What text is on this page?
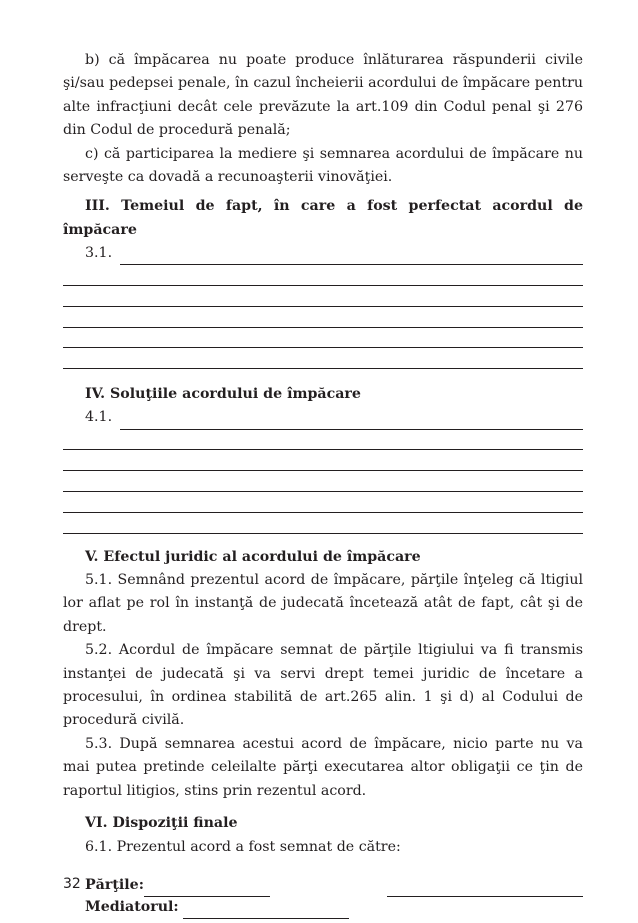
b) că împăcarea nu poate produce înlăturarea răspunderii civile şi/sau pedepsei penale, în cazul încheierii acordului de împăcare pentru alte infracţiuni decât cele prevăzute la art.109 din Codul penal şi 276 din Codul de procedură penală;

c) că participarea la mediere şi semnarea acordului de împăcare nu serveşte ca dovadă a recunoaşterii vinovăţiei.

III. Temeiul de fapt, în care a fost perfectat acordul de împăcare

3.1.

IV. Soluţiile acordului de împăcare

4.1.

V. Efectul juridic al acordului de împăcare

5.1. Semnând prezentul acord de împăcare, părţile înţeleg că ltigiul lor aflat pe rol în instanţă de judecată încetează atât de fapt, cât şi de drept.

5.2. Acordul de împăcare semnat de părţile ltigiului va fi transmis instanţei de judecată şi va servi drept temei juridic de încetare a procesului, în ordinea stabilită de art.265 alin. 1 şi d) al Codului de procedură civilă.

5.3. După semnarea acestui acord de împăcare, nicio parte nu va mai putea pretinde celeilalte părţi executarea altor obligaţii ce ţin de raportul litigios, stins prin rezentul acord.

VI. Dispoziţii finale

6.1. Prezentul acord a fost semnat de către:

Părţile:
Mediatorul:
32
